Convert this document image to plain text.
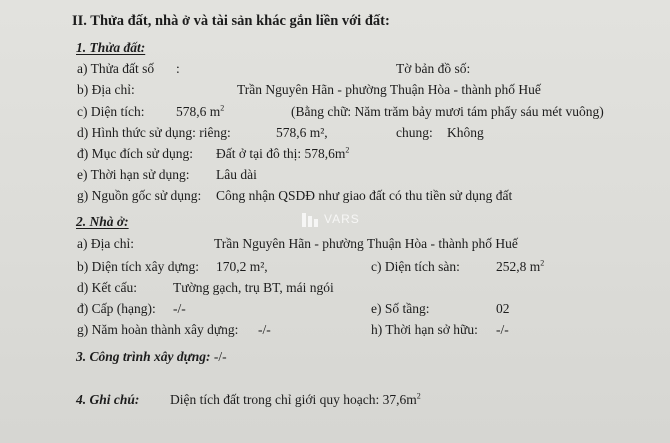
II. Thửa đất, nhà ở và tài sản khác gắn liền với đất:
1. Thửa đất:
a) Thửa đất số :	Tờ bản đồ số:
b) Địa chỉ:	Trần Nguyên Hãn - phường Thuận Hòa - thành phố Huế
c) Diện tích: 578,6 $m^2$	(Bằng chữ: Năm trăm bảy mươi tám phẩy sáu mét vuông)
d) Hình thức sử dụng: riêng:	578,6 m²,	chung: Không
đ) Mục đích sử dụng: Đất ở tại đô thị: $578,6m^2$
e) Thời hạn sử dụng: Lâu dài
g) Nguồn gốc sử dụng: Công nhận QSDĐ như giao đất có thu tiền sử dụng đất
2. Nhà ở:
a) Địa chỉ:	Trần Nguyên Hãn - phường Thuận Hòa - thành phố Huế
b) Diện tích xây dựng: 170,2 m²,	c) Diện tích sàn:	252,8 $m^2$
d) Kết cấu:	Tường gạch, trụ BT, mái ngói
đ) Cấp (hạng): -/-	e) Số tầng:	02
g) Năm hoàn thành xây dựng: -/-	h) Thời hạn sở hữu: -/-
3. Công trình xây dựng: -/-
4. Ghi chú: Diện tích đất trong chỉ giới quy hoạch: $37,6m^2$
VARS
